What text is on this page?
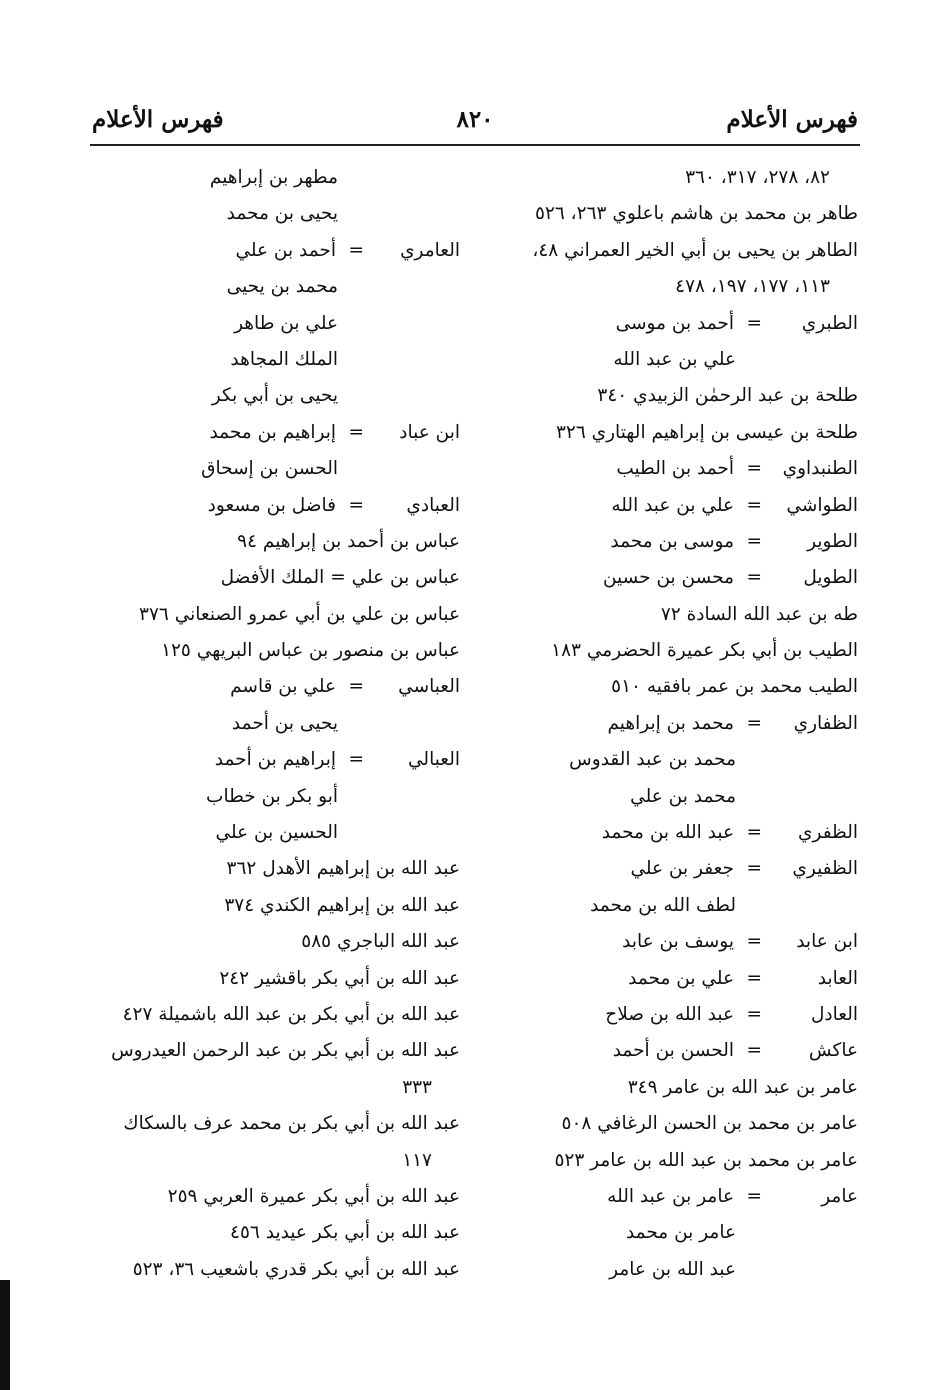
فهرس الأعلام
٨٢٠
فهرس الأعلام
٨٢، ٢٧٨، ٣١٧، ٣٦٠
طاهر بن محمد بن هاشم باعلوي ٢٦٣، ٥٢٦
الطاهر بن يحيى بن أبي الخير العمراني ٤٨،
١١٣، ١٧٧، ١٩٧، ٤٧٨
الطبري
=
أحمد بن موسى
علي بن عبد الله
طلحة بن عبد الرحمٰن الزبيدي ٣٤٠
طلحة بن عيسى بن إبراهيم الهتاري ٣٢٦
الطنبداوي
=
أحمد بن الطيب
الطواشي
=
علي بن عبد الله
الطوير
=
موسى بن محمد
الطويل
=
محسن بن حسين
طه بن عبد الله السادة ٧٢
الطيب بن أبي بكر عميرة الحضرمي ١٨٣
الطيب محمد بن عمر بافقيه ٥١٠
الظفاري
=
محمد بن إبراهيم
محمد بن عبد القدوس
محمد بن علي
الظفري
=
عبد الله بن محمد
الظفيري
=
جعفر بن علي
لطف الله بن محمد
ابن عابد
=
يوسف بن عابد
العابد
=
علي بن محمد
العادل
=
عبد الله بن صلاح
عاكش
=
الحسن بن أحمد
عامر بن عبد الله بن عامر ٣٤٩
عامر بن محمد بن الحسن الرغافي ٥٠٨
عامر بن محمد بن عبد الله بن عامر ٥٢٣
عامر
=
عامر بن عبد الله
عامر بن محمد
عبد الله بن عامر
مطهر بن إبراهيم
يحيى بن محمد
العامري
=
أحمد بن علي
محمد بن يحيى
علي بن طاهر
الملك المجاهد
يحيى بن أبي بكر
ابن عباد
=
إبراهيم بن محمد
الحسن بن إسحاق
العبادي
=
فاضل بن مسعود
عباس بن أحمد بن إبراهيم ٩٤
عباس بن علي = الملك الأفضل
عباس بن علي بن أبي عمرو الصنعاني ٣٧٦
عباس بن منصور بن عباس البريهي ١٢٥
العباسي
=
علي بن قاسم
يحيى بن أحمد
العبالي
=
إبراهيم بن أحمد
أبو بكر بن خطاب
الحسين بن علي
عبد الله بن إبراهيم الأهدل ٣٦٢
عبد الله بن إبراهيم الكندي ٣٧٤
عبد الله الباجري ٥٨٥
عبد الله بن أبي بكر باقشير ٢٤٢
عبد الله بن أبي بكر بن عبد الله باشميلة ٤٢٧
عبد الله بن أبي بكر بن عبد الرحمن العيدروس
٣٣٣
عبد الله بن أبي بكر بن محمد عرف بالسكاك
١١٧
عبد الله بن أبي بكر عميرة العربي ٢٥٩
عبد الله بن أبي بكر عيديد ٤٥٦
عبد الله بن أبي بكر قدري باشعيب ٣٦، ٥٢٣
